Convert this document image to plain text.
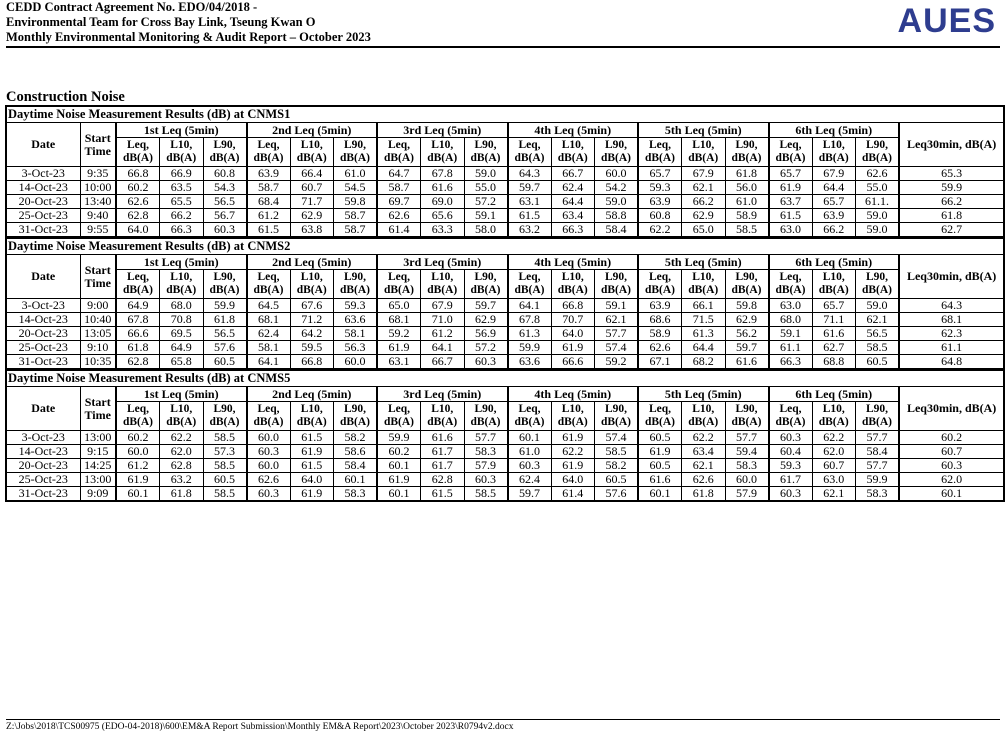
CEDD Contract Agreement No. EDO/04/2018 -
Environmental Team for Cross Bay Link, Tseung Kwan O
Monthly Environmental Monitoring & Audit Report – October 2023	AUES
Construction Noise
Daytime Noise Measurement Results (dB) at CNMS1																				
Date	Start Time	1st Leq (5min)			2nd Leq (5min)			3rd Leq (5min)			4th Leq (5min)			5th Leq (5min)			6th Leq (5min)			Leq30min, dB(A)
		Leq, dB(A)	L10, dB(A)	L90, dB(A)	Leq, dB(A)	L10, dB(A)	L90, dB(A)	Leq, dB(A)	L10, dB(A)	L90, dB(A)	Leq, dB(A)	L10, dB(A)	L90, dB(A)	Leq, dB(A)	L10, dB(A)	L90, dB(A)	Leq, dB(A)	L10, dB(A)	L90, dB(A)	
3-Oct-23	9:35	66.8	66.9	60.8	63.9	66.4	61.0	64.7	67.8	59.0	64.3	66.7	60.0	65.7	67.9	61.8	65.7	67.9	62.6	65.3
14-Oct-23	10:00	60.2	63.5	54.3	58.7	60.7	54.5	58.7	61.6	55.0	59.7	62.4	54.2	59.3	62.1	56.0	61.9	64.4	55.0	59.9
20-Oct-23	13:40	62.6	65.5	56.5	68.4	71.7	59.8	69.7	69.0	57.2	63.1	64.4	59.0	63.9	66.2	61.0	63.7	65.7	61.1.	66.2
25-Oct-23	9:40	62.8	66.2	56.7	61.2	62.9	58.7	62.6	65.6	59.1	61.5	63.4	58.8	60.8	62.9	58.9	61.5	63.9	59.0	61.8
31-Oct-23	9:55	64.0	66.3	60.3	61.5	63.8	58.7	61.4	63.3	58.0	63.2	66.3	58.4	62.2	65.0	58.5	63.0	66.2	59.0	62.7
Daytime Noise Measurement Results (dB) at CNMS2																				
Date	Start Time	1st Leq (5min)			2nd Leq (5min)			3rd Leq (5min)			4th Leq (5min)			5th Leq (5min)			6th Leq (5min)			Leq30min, dB(A)
		Leq, dB(A)	L10, dB(A)	L90, dB(A)	Leq, dB(A)	L10, dB(A)	L90, dB(A)	Leq, dB(A)	L10, dB(A)	L90, dB(A)	Leq, dB(A)	L10, dB(A)	L90, dB(A)	Leq, dB(A)	L10, dB(A)	L90, dB(A)	Leq, dB(A)	L10, dB(A)	L90, dB(A)	
3-Oct-23	9:00	64.9	68.0	59.9	64.5	67.6	59.3	65.0	67.9	59.7	64.1	66.8	59.1	63.9	66.1	59.8	63.0	65.7	59.0	64.3
14-Oct-23	10:40	67.8	70.8	61.8	68.1	71.2	63.6	68.1	71.0	62.9	67.8	70.7	62.1	68.6	71.5	62.9	68.0	71.1	62.1	68.1
20-Oct-23	13:05	66.6	69.5	56.5	62.4	64.2	58.1	59.2	61.2	56.9	61.3	64.0	57.7	58.9	61.3	56.2	59.1	61.6	56.5	62.3
25-Oct-23	9:10	61.8	64.9	57.6	58.1	59.5	56.3	61.9	64.1	57.2	59.9	61.9	57.4	62.6	64.4	59.7	61.1	62.7	58.5	61.1
31-Oct-23	10:35	62.8	65.8	60.5	64.1	66.8	60.0	63.1	66.7	60.3	63.6	66.6	59.2	67.1	68.2	61.6	66.3	68.8	60.5	64.8
Daytime Noise Measurement Results (dB) at CNMS5																				
Date	Start Time	1st Leq (5min)			2nd Leq (5min)			3rd Leq (5min)			4th Leq (5min)			5th Leq (5min)			6th Leq (5min)			Leq30min, dB(A)
		Leq, dB(A)	L10, dB(A)	L90, dB(A)	Leq, dB(A)	L10, dB(A)	L90, dB(A)	Leq, dB(A)	L10, dB(A)	L90, dB(A)	Leq, dB(A)	L10, dB(A)	L90, dB(A)	Leq, dB(A)	L10, dB(A)	L90, dB(A)	Leq, dB(A)	L10, dB(A)	L90, dB(A)	
3-Oct-23	13:00	60.2	62.2	58.5	60.0	61.5	58.2	59.9	61.6	57.7	60.1	61.9	57.4	60.5	62.2	57.7	60.3	62.2	57.7	60.2
14-Oct-23	9:15	60.0	62.0	57.3	60.3	61.9	58.6	60.2	61.7	58.3	61.0	62.2	58.5	61.9	63.4	59.4	60.4	62.0	58.4	60.7
20-Oct-23	14:25	61.2	62.8	58.5	60.0	61.5	58.4	60.1	61.7	57.9	60.3	61.9	58.2	60.5	62.1	58.3	59.3	60.7	57.7	60.3
25-Oct-23	13:00	61.9	63.2	60.5	62.6	64.0	60.1	61.9	62.8	60.3	62.4	64.0	60.5	61.6	62.6	60.0	61.7	63.0	59.9	62.0
31-Oct-23	9:09	60.1	61.8	58.5	60.3	61.9	58.3	60.1	61.5	58.5	59.7	61.4	57.6	60.1	61.8	57.9	60.3	62.1	58.3	60.1
Z:\Jobs\2018\TCS00975 (EDO-04-2018)\600\EM&A Report Submission\Monthly EM&A Report\2023\October 2023\R0794v2.docx
